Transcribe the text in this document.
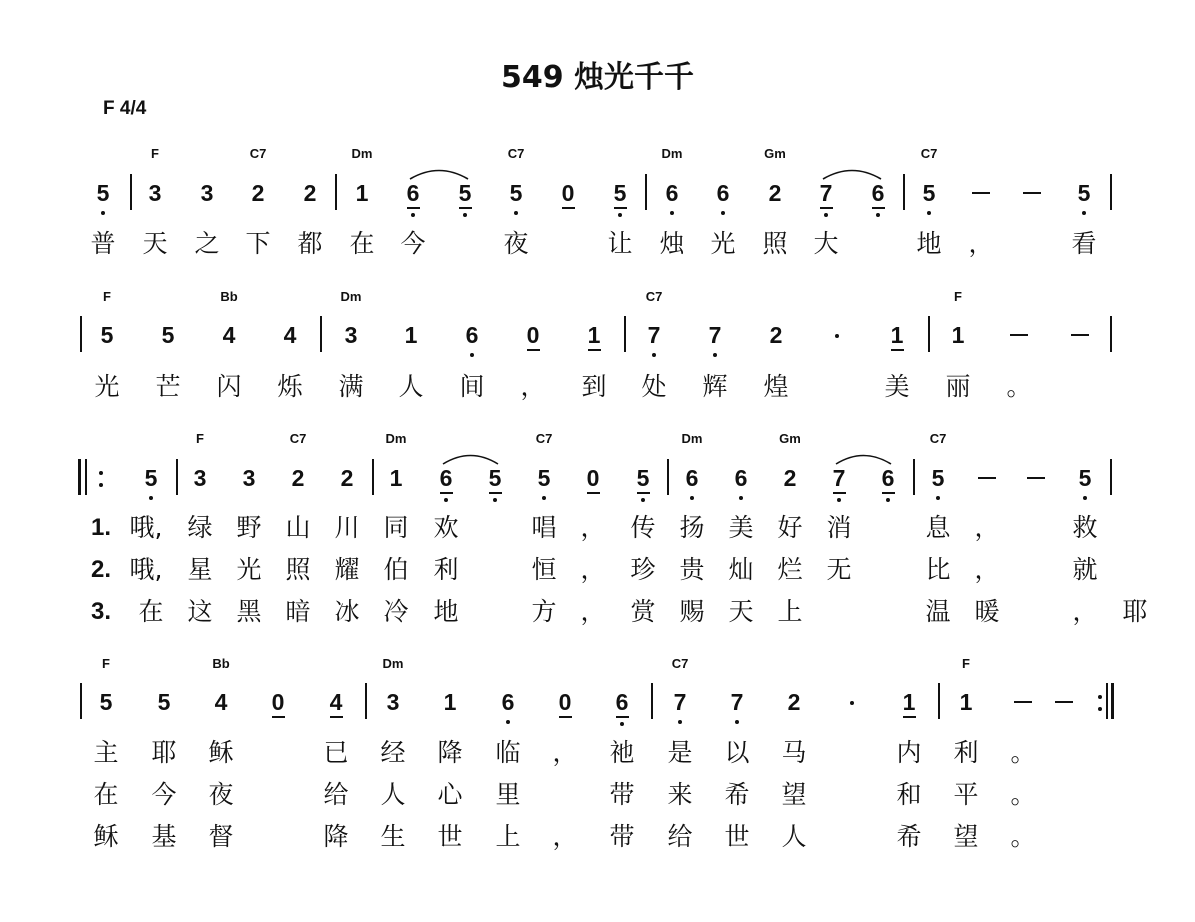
549 烛光千千
F 4/4
F	C7	Dm	C7	Dm	Gm	C7
5 3 3 2 2 1 6 5 5 0 5 6 6 2 7 6 5	5
普 天 之 下 都 在 今	夜	让 烛 光 照 大	地 ，	看
F	Bb	Dm	C7	F
5 5 4 4 3 1 6 0 1 7 7 2	1 1
光 芒 闪 烁 满 人 间 ， 到 处 辉 煌	美 丽 。
F	C7	Dm	C7	Dm	Gm	C7
5 3 3 2 2 1 6 5 5 0 5 6 6 2 7 6 5	5
1. 哦, 绿 野 山 川 同 欢	唱 ， 传 扬 美 好 消	息 ，	救
2. 哦, 星 光 照 耀 伯 利	恒 ， 珍 贵 灿 烂 无	比 ，	就
3. 在 这 黑 暗 冰 冷 地	方 ， 赏 赐 天 上	温 暖	， 耶
F	Bb	Dm	C7	F
5 5 4 0 4 3 1 6 0 6 7 7 2	1 1
主 耶 稣	已 经 降 临 ， 祂 是 以 马	内 利 。
在 今 夜	给 人 心 里	带 来 希 望	和 平 。
稣 基 督	降 生 世 上 ， 带 给 世 人	希 望 。
